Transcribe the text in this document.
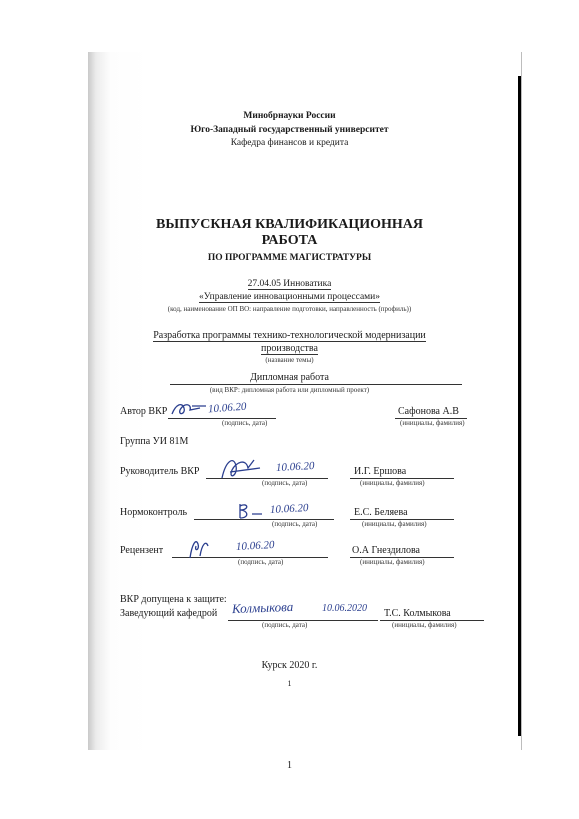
Минобрнауки России
Юго-Западный государственный университет
Кафедра финансов и кредита
ВЫПУСКНАЯ КВАЛИФИКАЦИОННАЯ
РАБОТА
ПО ПРОГРАММЕ МАГИСТРАТУРЫ
27.04.05 Инноватика
«Управление инновационными процессами»
(код, наименование ОП ВО: направление подготовки, направленность (профиль))
Разработка программы технико-технологической модернизации
производства
(название темы)
Дипломная работа
(вид ВКР: дипломная работа или дипломный проект)
Автор ВКР	10.06.20
(подпись, дата)
Сафонова А.В
(инициалы, фамилия)
Группа УИ 81М
Руководитель ВКР	10.06.20
(подпись, дата)
И.Г. Ершова
(инициалы, фамилия)
Нормоконтроль	10.06.20
(подпись, дата)
Е.С. Беляева
(инициалы, фамилия)
Рецензент	10.06.20
(подпись, дата)
О.А Гнездилова
(инициалы, фамилия)
ВКР допущена к защите:
Заведующий кафедрой Колмыкова	10.06.2020
(подпись, дата)
Т.С. Колмыкова
(инициалы, фамилия)
Курск 2020 г.
1
1
